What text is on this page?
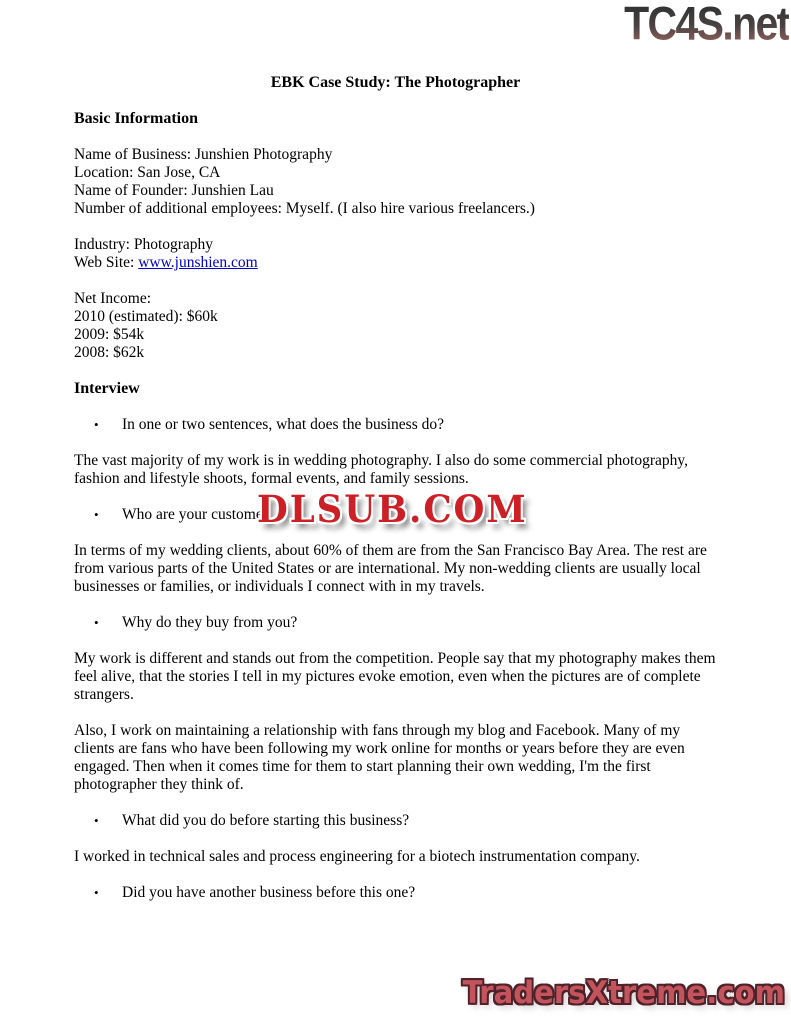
TC4S.net
EBK Case Study: The Photographer
Basic Information
Name of Business: Junshien Photography
Location: San Jose, CA
Name of Founder: Junshien Lau
Number of additional employees: Myself. (I also hire various freelancers.)
Industry: Photography
Web Site: www.junshien.com
Net Income:
2010 (estimated): $60k
2009: $54k
2008: $62k
Interview
•	In one or two sentences, what does the business do?
The vast majority of my work is in wedding photography. I also do some commercial photography, fashion and lifestyle shoots, formal events, and family sessions.
•	Who are your custome
In terms of my wedding clients, about 60% of them are from the San Francisco Bay Area. The rest are from various parts of the United States or are international. My non-wedding clients are usually local businesses or families, or individuals I connect with in my travels.
•	Why do they buy from you?
My work is different and stands out from the competition. People say that my photography makes them feel alive, that the stories I tell in my pictures evoke emotion, even when the pictures are of complete strangers.
Also, I work on maintaining a relationship with fans through my blog and Facebook. Many of my clients are fans who have been following my work online for months or years before they are even engaged. Then when it comes time for them to start planning their own wedding, I'm the first photographer they think of.
•	What did you do before starting this business?
I worked in technical sales and process engineering for a biotech instrumentation company.
•	Did you have another business before this one?
DLSUB.COM
TradersXtreme.com
